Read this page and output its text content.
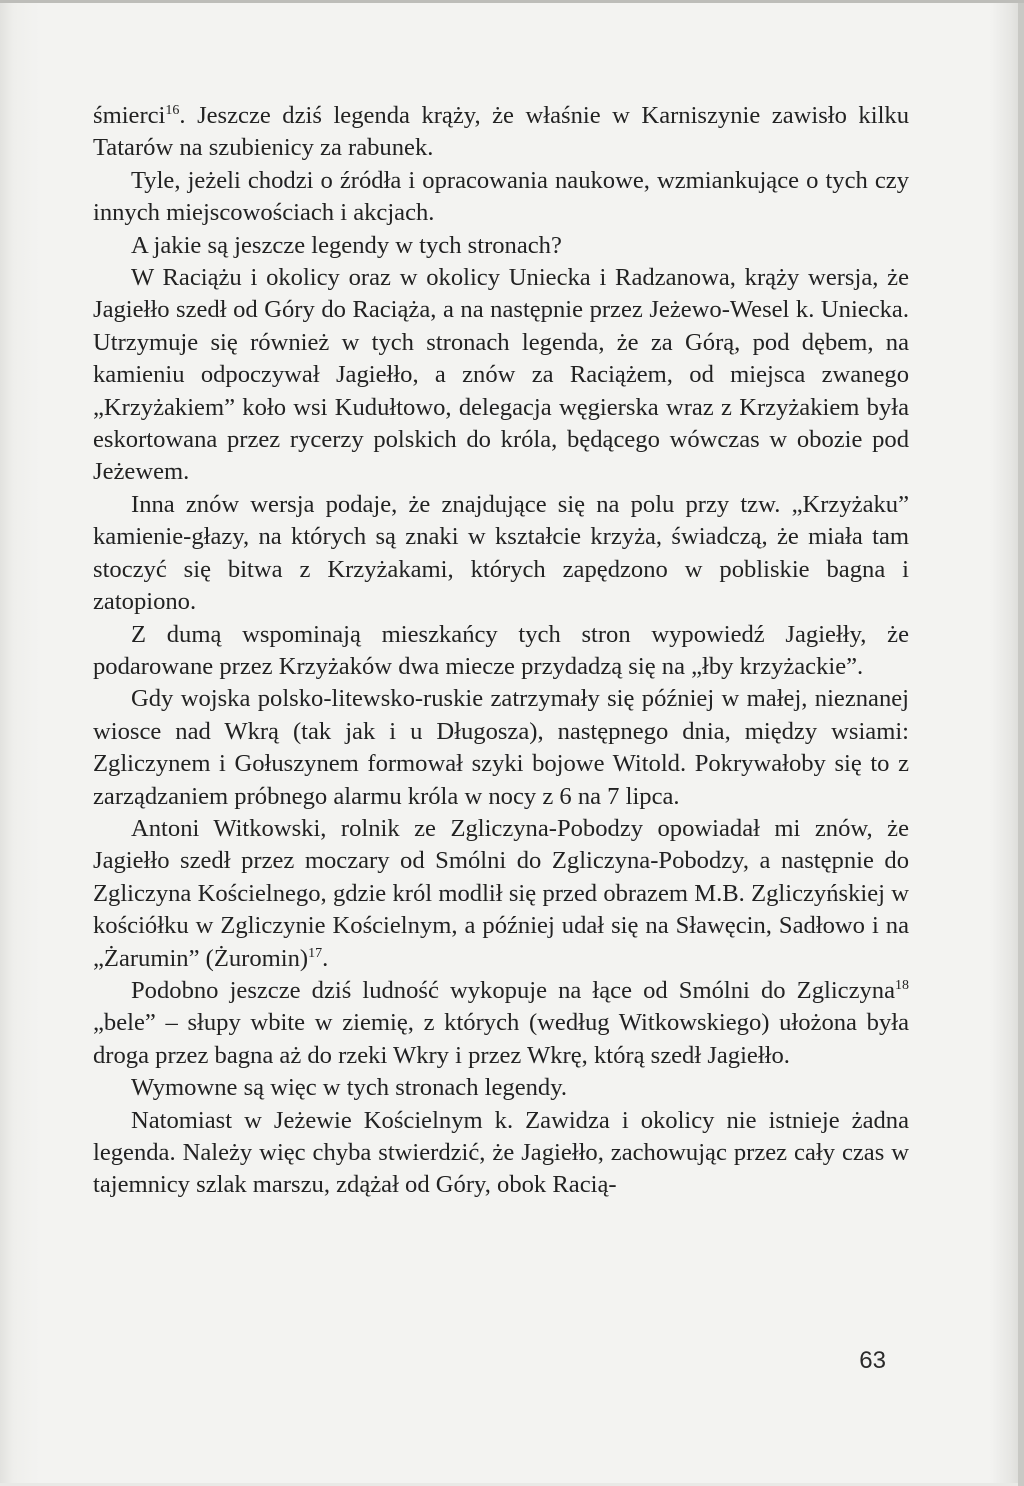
śmierci$^{16}$. Jeszcze dziś legenda krąży, że właśnie w Karniszynie zawisło kilku Tatarów na szubienicy za rabunek.

Tyle, jeżeli chodzi o źródła i opracowania naukowe, wzmiankujące o tych czy innych miejscowościach i akcjach.

A jakie są jeszcze legendy w tych stronach?

W Raciążu i okolicy oraz w okolicy Uniecka i Radzanowa, krąży wersja, że Jagiełło szedł od Góry do Raciąża, a na następnie przez Jeżewo-Wesel k. Uniecka. Utrzymuje się również w tych stronach legenda, że za Górą, pod dębem, na kamieniu odpoczywał Jagiełło, a znów za Raciążem, od miejsca zwanego „Krzyżakiem” koło wsi Kudułtowo, delegacja węgierska wraz z Krzyżakiem była eskortowana przez rycerzy polskich do króla, będącego wówczas w obozie pod Jeżewem.

Inna znów wersja podaje, że znajdujące się na polu przy tzw. „Krzyżaku” kamienie-głazy, na których są znaki w kształcie krzyża, świadczą, że miała tam stoczyć się bitwa z Krzyżakami, których zapędzono w pobliskie bagna i zatopiono.

Z dumą wspominają mieszkańcy tych stron wypowiedź Jagiełły, że podarowane przez Krzyżaków dwa miecze przydadzą się na „łby krzyżackie”.

Gdy wojska polsko-litewsko-ruskie zatrzymały się później w małej, nieznanej wiosce nad Wkrą (tak jak i u Długosza), następnego dnia, między wsiami: Zgliczynem i Gołuszynem formował szyki bojowe Witold. Pokrywałoby się to z zarządzaniem próbnego alarmu króla w nocy z 6 na 7 lipca.

Antoni Witkowski, rolnik ze Zgliczyna-Pobodzy opowiadał mi znów, że Jagiełło szedł przez moczary od Smólni do Zgliczyna-Pobodzy, a następnie do Zgliczyna Kościelnego, gdzie król modlił się przed obrazem M.B. Zgliczyńskiej w kościółku w Zgliczynie Kościelnym, a później udał się na Sławęcin, Sadłowo i na „Żarumin” (Żuromin)$^{17}$.

Podobno jeszcze dziś ludność wykopuje na łące od Smólni do Zgliczyna$^{18}$ „bele” – słupy wbite w ziemię, z których (według Witkowskiego) ułożona była droga przez bagna aż do rzeki Wkry i przez Wkrę, którą szedł Jagiełło.

Wymowne są więc w tych stronach legendy.

Natomiast w Jeżewie Kościelnym k. Zawidza i okolicy nie istnieje żadna legenda. Należy więc chyba stwierdzić, że Jagiełło, zachowując przez cały czas w tajemnicy szlak marszu, zdążał od Góry, obok Racią-

63
